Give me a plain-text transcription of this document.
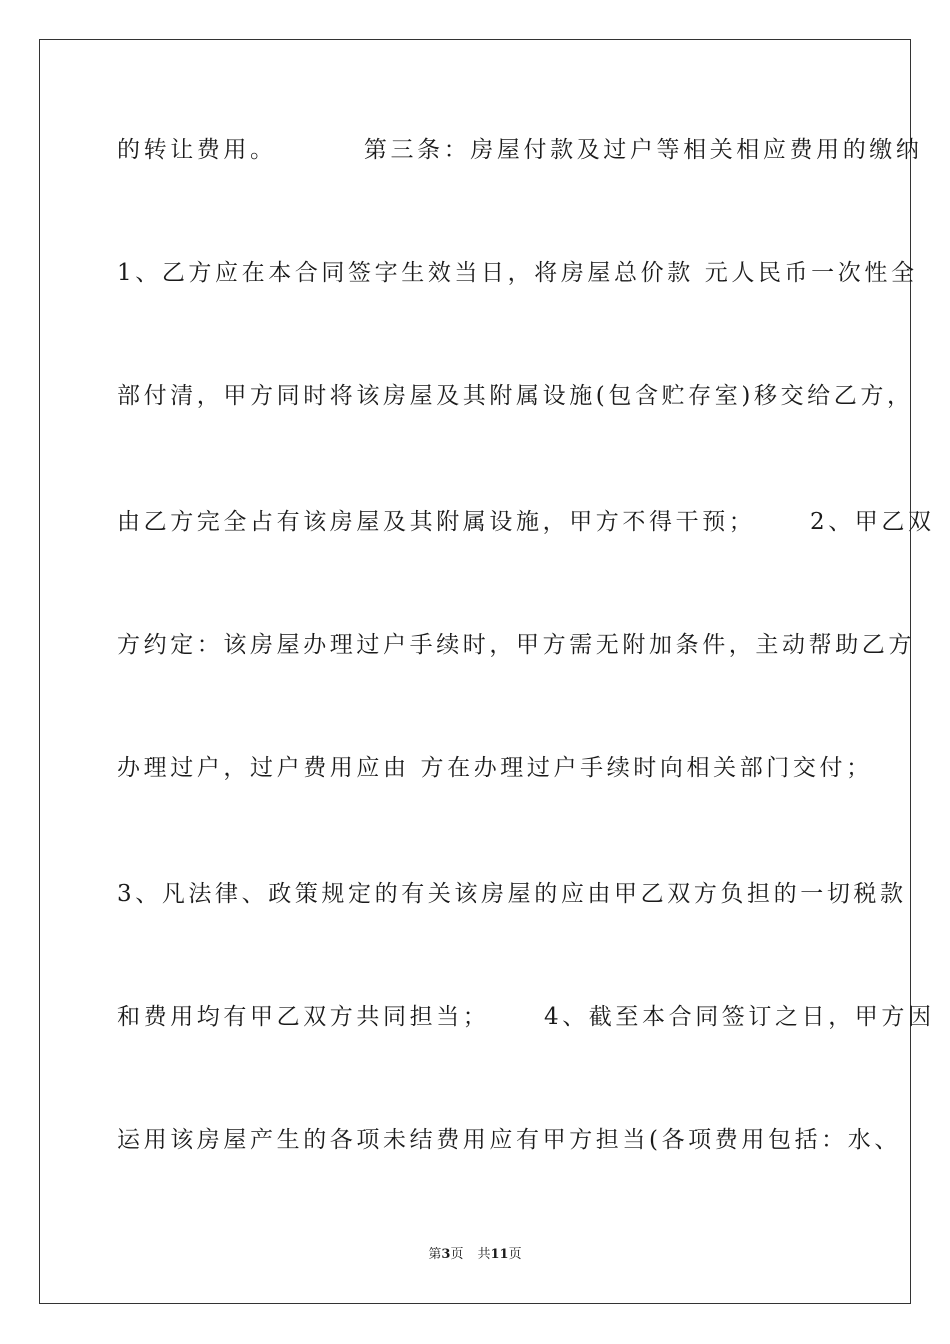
的转让费用。        第三条：房屋付款及过户等相关相应费用的缴纳
1、乙方应在本合同签字生效当日，将房屋总价款 元人民币一次性全
部付清，甲方同时将该房屋及其附属设施(包含贮存室)移交给乙方，
由乙方完全占有该房屋及其附属设施，甲方不得干预；     2、甲乙双
方约定：该房屋办理过户手续时，甲方需无附加条件，主动帮助乙方
办理过户，过户费用应由 方在办理过户手续时向相关部门交付；
3、凡法律、政策规定的有关该房屋的应由甲乙双方负担的一切税款
和费用均有甲乙双方共同担当；     4、截至本合同签订之日，甲方因
运用该房屋产生的各项未结费用应有甲方担当(各项费用包括：水、
第3页 共11页
